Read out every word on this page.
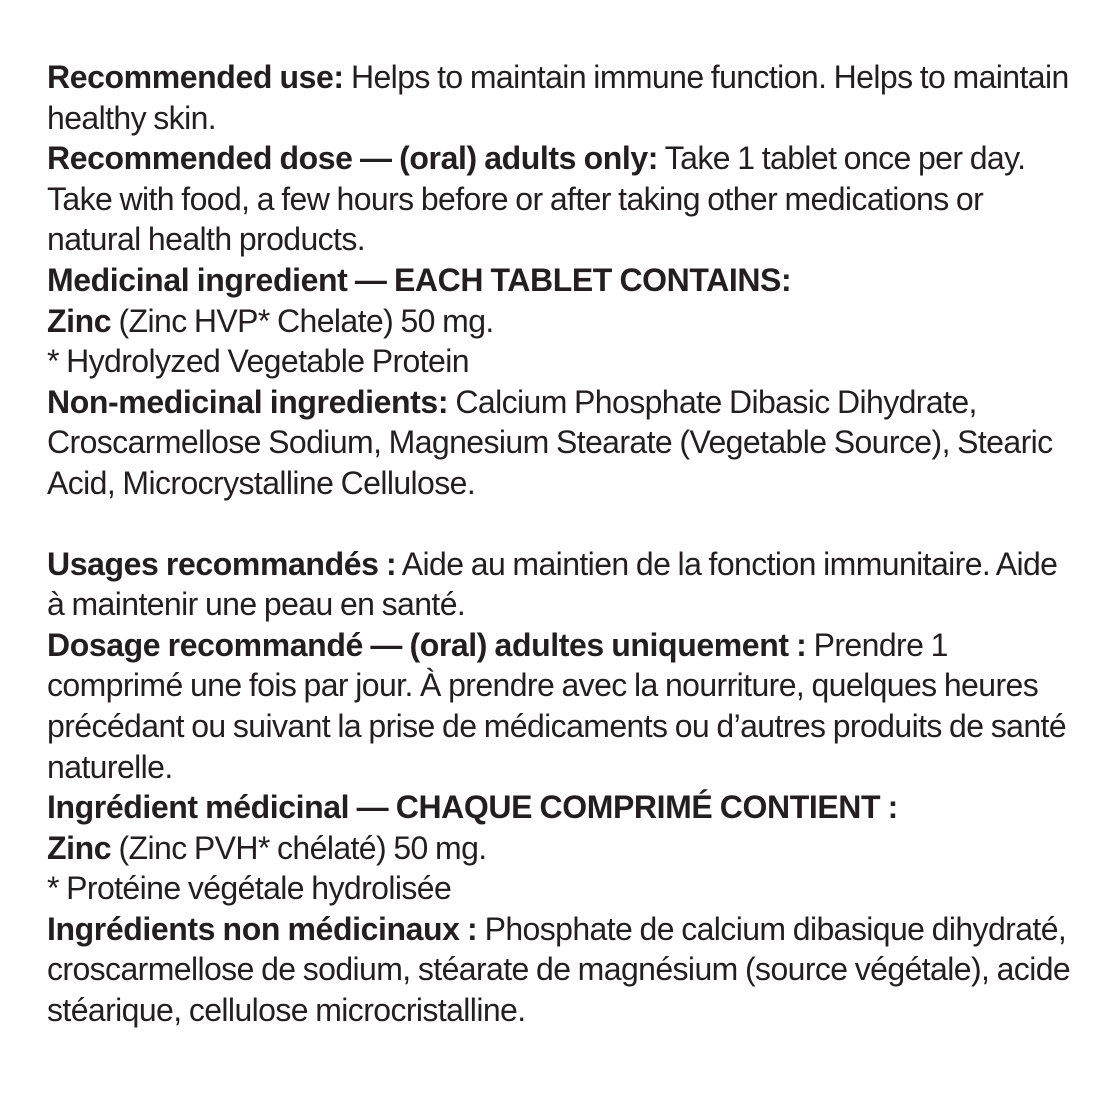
Recommended use: Helps to maintain immune function. Helps to maintain healthy skin.

Recommended dose — (oral) adults only: Take 1 tablet once per day. Take with food, a few hours before or after taking other medications or natural health products.

Medicinal ingredient — EACH TABLET CONTAINS:

Zinc (Zinc HVP* Chelate) 50 mg.

* Hydrolyzed Vegetable Protein

Non-medicinal ingredients: Calcium Phosphate Dibasic Dihydrate, Croscarmellose Sodium, Magnesium Stearate (Vegetable Source), Stearic Acid, Microcrystalline Cellulose.

Usages recommandés : Aide au maintien de la fonction immunitaire. Aide à maintenir une peau en santé.

Dosage recommandé — (oral) adultes uniquement : Prendre 1 comprimé une fois par jour. À prendre avec la nourriture, quelques heures précédant ou suivant la prise de médicaments ou d’autres produits de santé naturelle.

Ingrédient médicinal — CHAQUE COMPRIMÉ CONTIENT :

Zinc (Zinc PVH* chélaté) 50 mg.

* Protéine végétale hydrolisée

Ingrédients non médicinaux : Phosphate de calcium dibasique dihydraté, croscarmellose de sodium, stéarate de magnésium (source végétale), acide stéarique, cellulose microcristalline.
